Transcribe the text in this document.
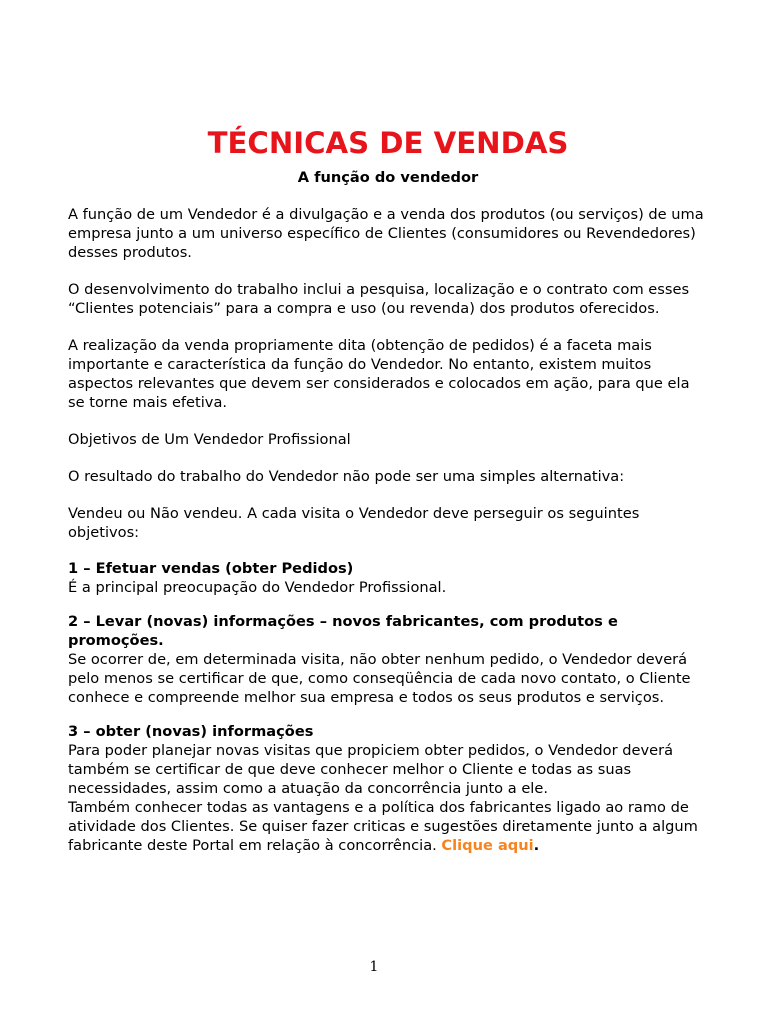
TÉCNICAS DE VENDAS
A função do vendedor

A função de um Vendedor é a divulgação e a venda dos produtos (ou serviços) de uma empresa junto a um universo específico de Clientes (consumidores ou Revendedores) desses produtos.

O desenvolvimento do trabalho inclui a pesquisa, localização e o contrato com esses “Clientes potenciais” para a compra e uso (ou revenda) dos produtos oferecidos.

A realização da venda propriamente dita (obtenção de pedidos) é a faceta mais importante e característica da função do Vendedor. No entanto, existem muitos aspectos relevantes que devem ser considerados e colocados em ação, para que ela se torne mais efetiva.

Objetivos de Um Vendedor Profissional

O resultado do trabalho do Vendedor não pode ser uma simples alternativa:

Vendeu ou Não vendeu. A cada visita o Vendedor deve perseguir os seguintes objetivos:

1 – Efetuar vendas (obter Pedidos)

É a principal preocupação do Vendedor Profissional.

2 – Levar (novas) informações – novos fabricantes, com produtos e promoções.

Se ocorrer de, em determinada visita, não obter nenhum pedido, o Vendedor deverá pelo menos se certificar de que, como conseqüência de cada novo contato, o Cliente conhece e compreende melhor sua empresa e todos os seus produtos e serviços.

3 – obter (novas) informações

Para poder planejar novas visitas que propiciem obter pedidos, o Vendedor deverá também se certificar de que deve conhecer melhor o Cliente e todas as suas necessidades, assim como a atuação da concorrência junto a ele.

Também conhecer todas as vantagens e a política dos fabricantes ligado ao ramo de atividade dos Clientes. Se quiser fazer criticas e sugestões diretamente junto a algum fabricante deste Portal em relação à concorrência. Clique aqui.

1
